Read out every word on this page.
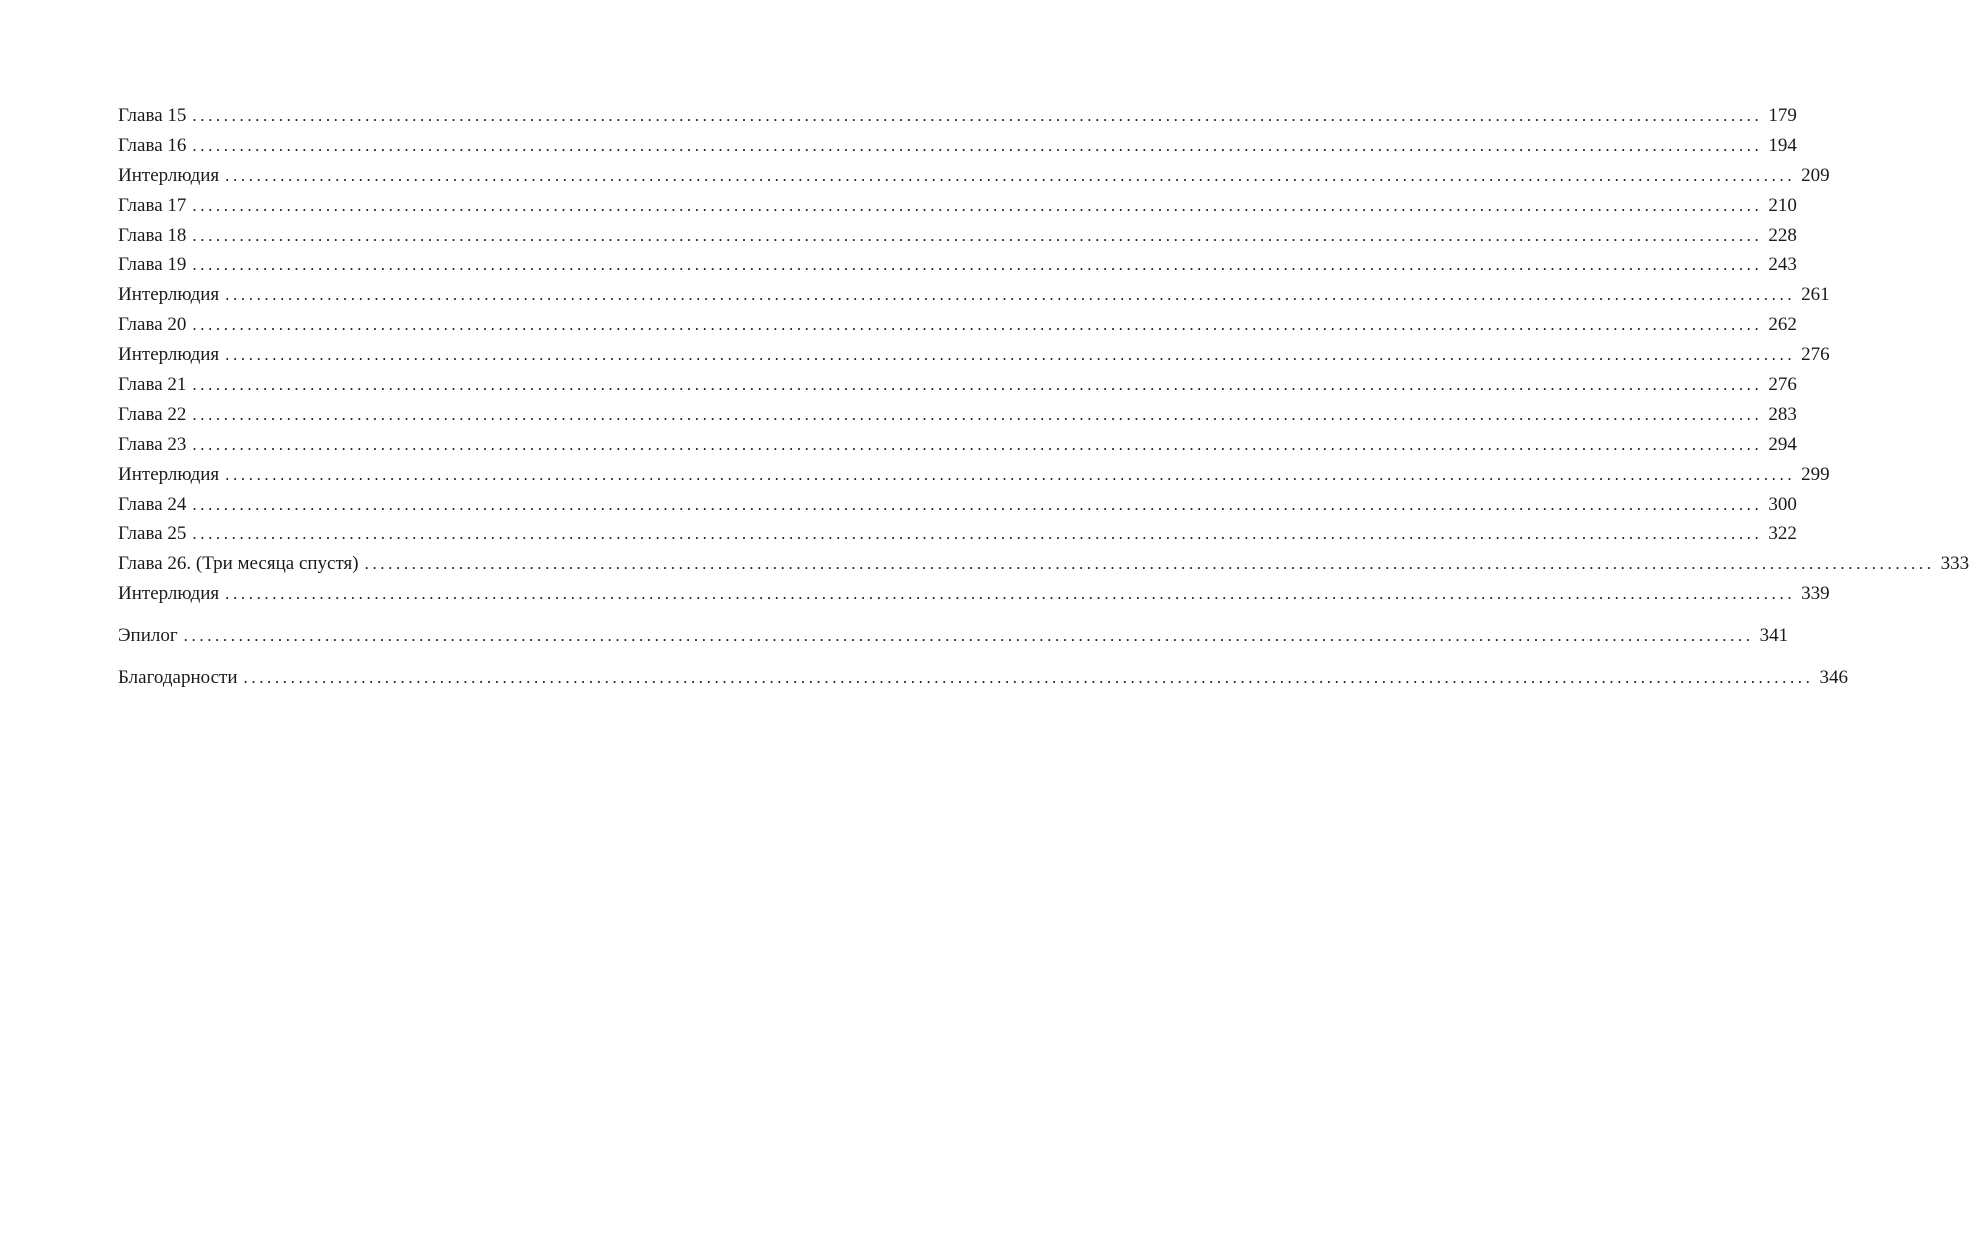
Глава 15 ........................................................................................................................................................................................................ 179
Глава 16 ........................................................................................................................................................................................................ 194
Интерлюдия ........................................................................................................................................................................................................ 209
Глава 17 ........................................................................................................................................................................................................ 210
Глава 18 ........................................................................................................................................................................................................ 228
Глава 19 ........................................................................................................................................................................................................ 243
Интерлюдия ........................................................................................................................................................................................................ 261
Глава 20 ........................................................................................................................................................................................................ 262
Интерлюдия ........................................................................................................................................................................................................ 276
Глава 21 ........................................................................................................................................................................................................ 276
Глава 22 ........................................................................................................................................................................................................ 283
Глава 23 ........................................................................................................................................................................................................ 294
Интерлюдия ........................................................................................................................................................................................................ 299
Глава 24 ........................................................................................................................................................................................................ 300
Глава 25 ........................................................................................................................................................................................................ 322
Глава 26. (Три месяца спустя) ........................................................................................................................................................................................................ 333
Интерлюдия ........................................................................................................................................................................................................ 339
Эпилог ........................................................................................................................................................................................................ 341
Благодарности ........................................................................................................................................................................................................ 346
